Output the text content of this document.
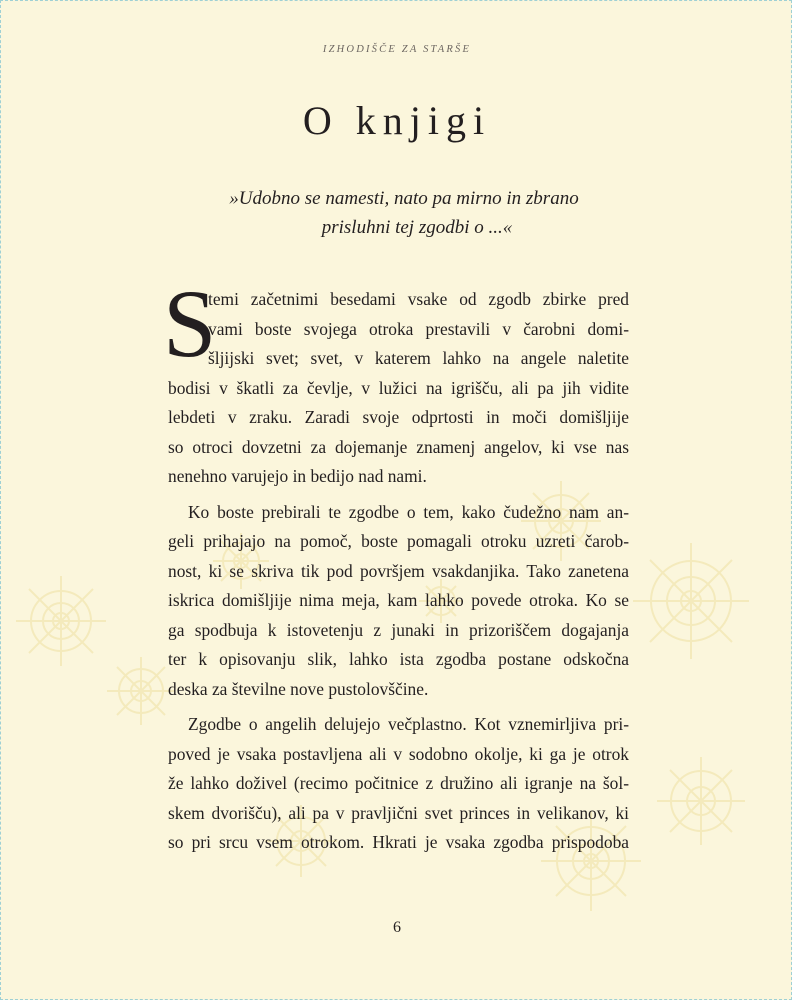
IZHODIŠČE ZA STARŠE
O knjigi
»Udobno se namesti, nato pa mirno in zbrano
prisluhni tej zgodbi o ...«
S

temi začetnimi besedami vsake od zgodb zbirke pred
vami boste svojega otroka prestavili v čarobni domi-
šljijski svet; svet, v katerem lahko na angele naletite
bodisi v škatli za čevlje, v lužici na igrišču, ali pa jih vidite
lebdeti v zraku. Zaradi svoje odprtosti in moči domišljije
so otroci dovzetni za dojemanje znamenj angelov, ki vse nas
nenehno varujejo in bedijo nad nami.

Ko boste prebirali te zgodbe o tem, kako čudežno nam an-
geli prihajajo na pomoč, boste pomagali otroku uzreti čarob-
nost, ki se skriva tik pod površjem vsakdanjika. Tako zanetena
iskrica domišljije nima meja, kam lahko povede otroka. Ko se
ga spodbuja k istovetenju z junaki in prizoriščem dogajanja
ter k opisovanju slik, lahko ista zgodba postane odskočna
deska za številne nove pustolovščine.

Zgodbe o angelih delujejo večplastno. Kot vznemirljiva pri-
poved je vsaka postavljena ali v sodobno okolje, ki ga je otrok
že lahko doživel (recimo počitnice z družino ali igranje na šol-
skem dvorišču), ali pa v pravljični svet princes in velikanov, ki
so pri srcu vsem otrokom. Hkrati je vsaka zgodba prispodoba

6
